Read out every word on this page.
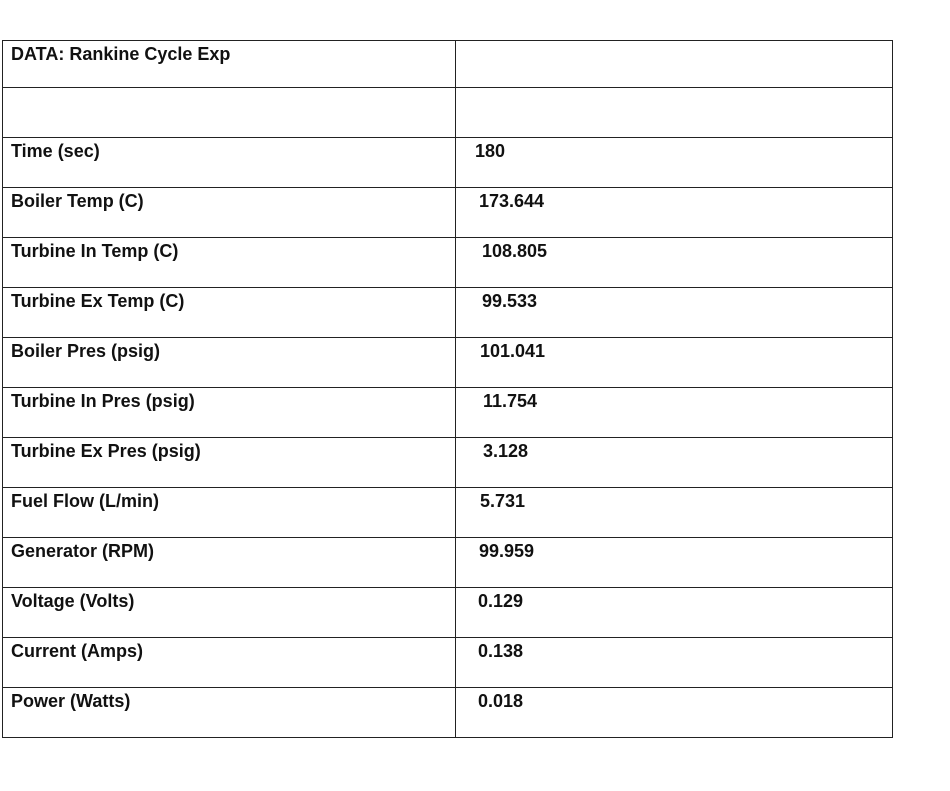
DATA: Rankine Cycle Exp	

Time (sec)	180
Boiler Temp (C)	173.644
Turbine In Temp (C)	108.805
Turbine Ex Temp (C)	99.533
Boiler Pres (psig)	101.041
Turbine In Pres (psig)	11.754
Turbine Ex Pres (psig)	3.128
Fuel Flow (L/min)	5.731
Generator (RPM)	99.959
Voltage (Volts)	0.129
Current (Amps)	0.138
Power (Watts)	0.018
